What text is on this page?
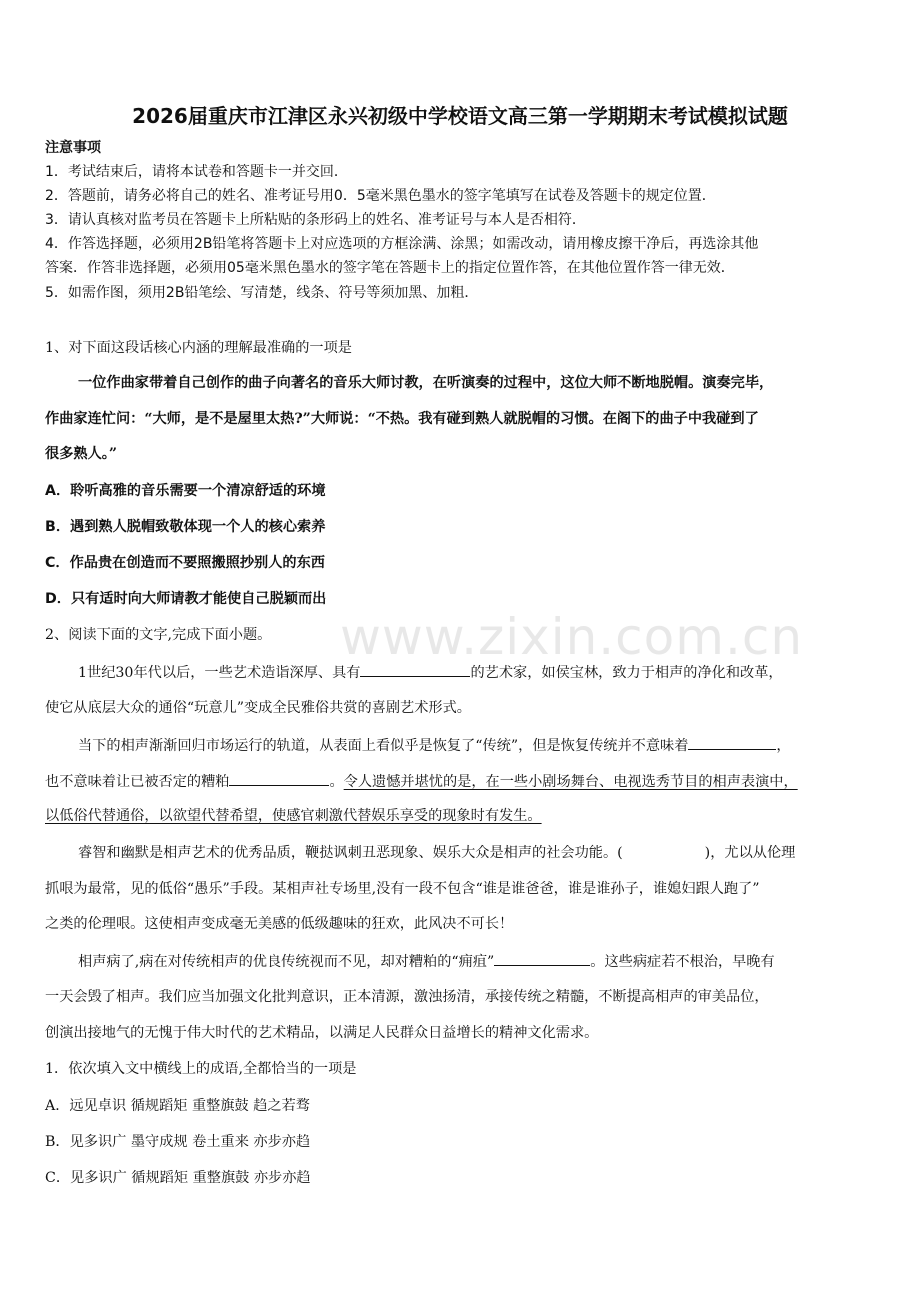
2026届重庆市江津区永兴初级中学校语文高三第一学期期末考试模拟试题
注意事项
1．考试结束后，请将本试卷和答题卡一并交回．
2．答题前，请务必将自己的姓名、准考证号用0．5毫米黑色墨水的签字笔填写在试卷及答题卡的规定位置．
3．请认真核对监考员在答题卡上所粘贴的条形码上的姓名、准考证号与本人是否相符．
4．作答选择题，必须用2B铅笔将答题卡上对应选项的方框涂满、涂黑；如需改动，请用橡皮擦干净后，再选涂其他
答案．作答非选择题，必须用05毫米黑色墨水的签字笔在答题卡上的指定位置作答，在其他位置作答一律无效．
5．如需作图，须用2B铅笔绘、写清楚，线条、符号等须加黑、加粗．
1、对下面这段话核心内涵的理解最准确的一项是
一位作曲家带着自己创作的曲子向著名的音乐大师讨教，在听演奏的过程中，这位大师不断地脱帽。演奏完毕，
作曲家连忙问：“大师，是不是屋里太热?”大师说：“不热。我有碰到熟人就脱帽的习惯。在阁下的曲子中我碰到了
很多熟人。”
A．聆听高雅的音乐需要一个清凉舒适的环境
B．遇到熟人脱帽致敬体现一个人的核心索养
C．作品贵在创造而不要照搬照抄别人的东西
D．只有适时向大师请教才能使自己脱颖而出
2、阅读下面的文字,完成下面小题。
1世纪30年代以后，一些艺术造诣深厚、具有	的艺术家，如侯宝林，致力于相声的净化和改革，
使它从底层大众的通俗“玩意儿”变成全民雅俗共赏的喜剧艺术形式。
当下的相声渐渐回归市场运行的轨道，从表面上看似乎是恢复了“传统”，但是恢复传统并不意味着	，
也不意味着让已被否定的糟粕	。令人遗憾并堪忧的是，在一些小剧场舞台、电视选秀节目的相声表演中，
以低俗代替通俗，以欲望代替希望，使感官刺激代替娱乐享受的现象时有发生。
睿智和幽默是相声艺术的优秀品质，鞭挞讽刺丑恶现象、娱乐大众是相声的社会功能。(	)，尤以从伦理
抓哏为最常，见的低俗“愚乐”手段。某相声社专场里,没有一段不包含“谁是谁爸爸，谁是谁孙子，谁媳妇跟人跑了”
之类的伦理哏。这使相声变成毫无美感的低级趣味的狂欢，此风决不可长！
相声病了,病在对传统相声的优良传统视而不见，却对糟粕的“痈疽”	。这些病症若不根治，早晚有
一天会毁了相声。我们应当加强文化批判意识，正本清源，激浊扬清，承接传统之精髓，不断提高相声的审美品位，
创演出接地气的无愧于伟大时代的艺术精品，以满足人民群众日益增长的精神文化需求。
1．依次填入文中横线上的成语,全都恰当的一项是
A．远见卓识 循规蹈矩 重整旗鼓 趋之若骛
B．见多识广 墨守成规 卷土重来 亦步亦趋
C．见多识广 循规蹈矩 重整旗鼓 亦步亦趋
www.zixin.com.cn
